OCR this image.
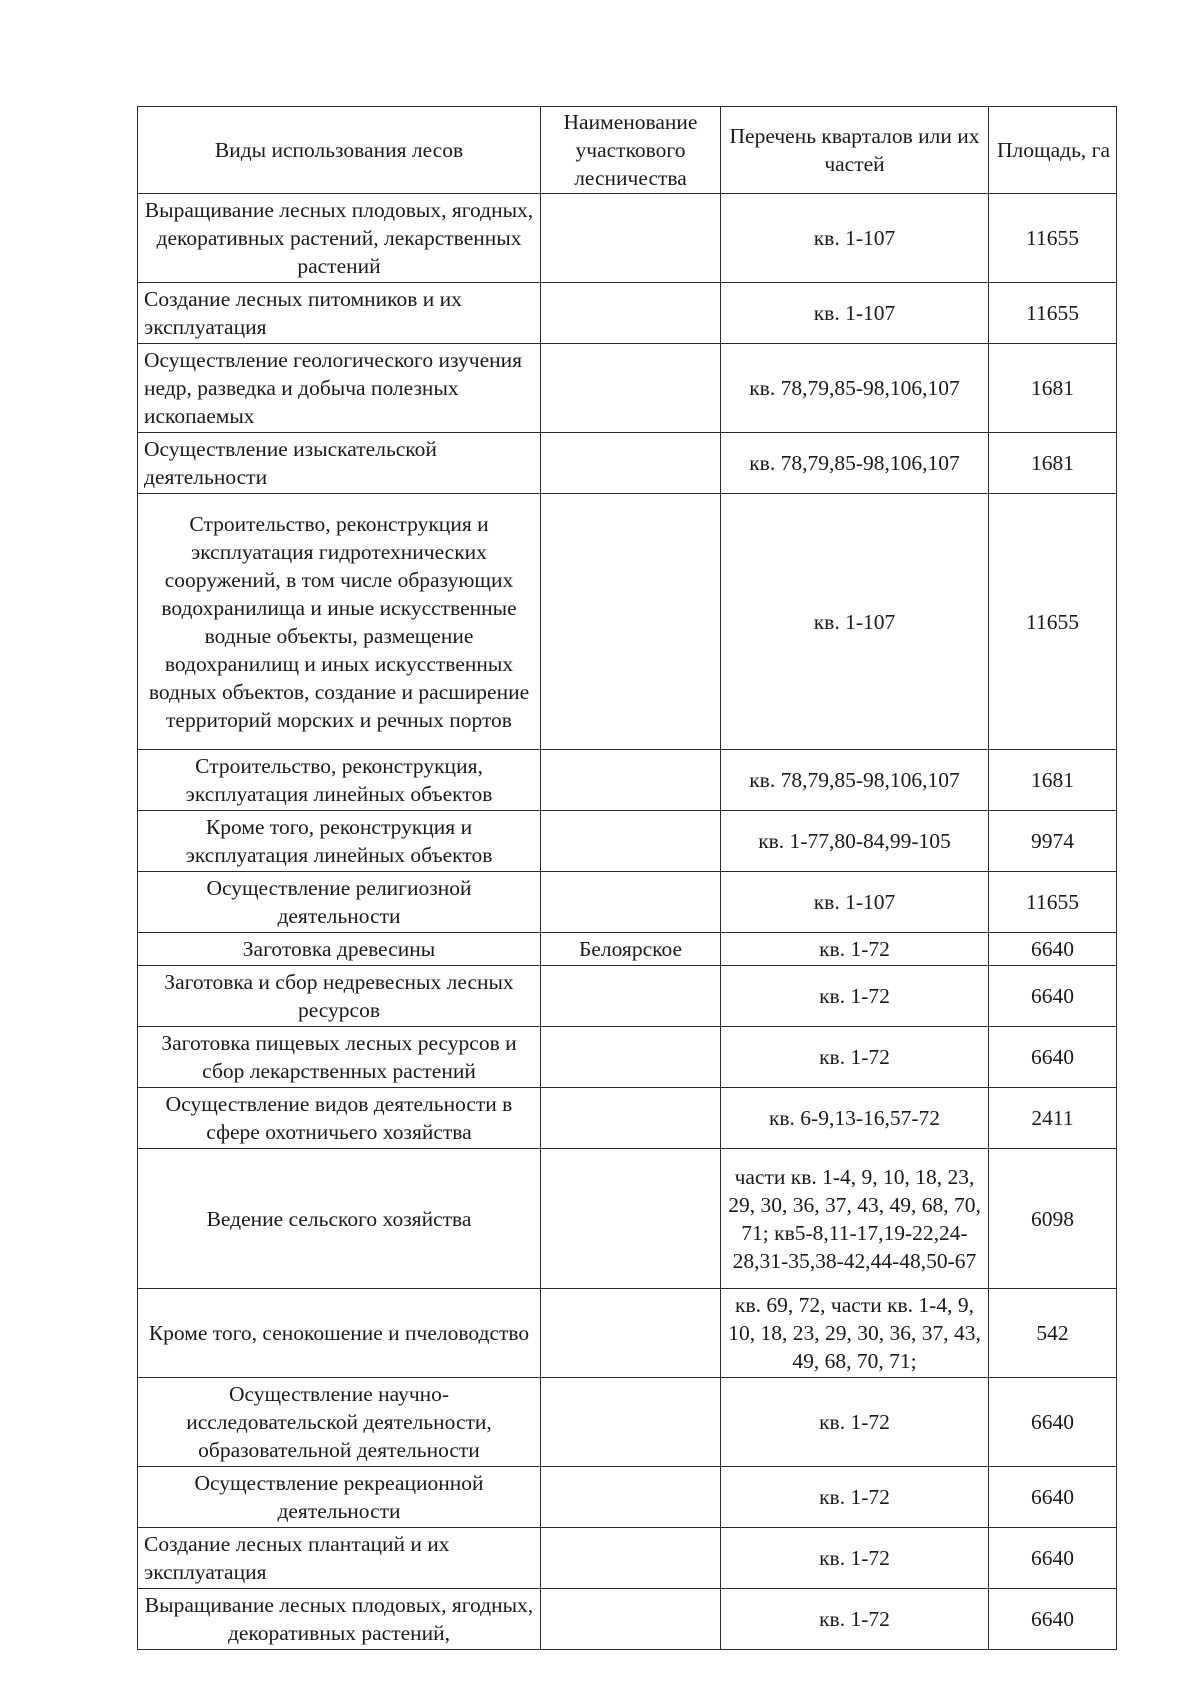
Виды использования лесов	Наименование участкового лесничества	Перечень кварталов или их частей	Площадь, га
Выращивание лесных плодовых, ягодных, декоративных растений, лекарственных растений		кв. 1-107	11655
Создание лесных питомников и их эксплуатация		кв. 1-107	11655
Осуществление геологического изучения недр, разведка и добыча полезных ископаемых		кв. 78,79,85-98,106,107	1681
Осуществление изыскательской деятельности		кв. 78,79,85-98,106,107	1681
Строительство, реконструкция и эксплуатация гидротехнических сооружений, в том числе образующих водохранилища и иные искусственные водные объекты, размещение водохранилищ и иных искусственных водных объектов, создание и расширение территорий морских и речных портов		кв. 1-107	11655
Строительство, реконструкция, эксплуатация линейных объектов		кв. 78,79,85-98,106,107	1681
Кроме того, реконструкция и эксплуатация линейных объектов		кв. 1-77,80-84,99-105	9974
Осуществление религиозной деятельности		кв. 1-107	11655
Заготовка древесины	Белоярское	кв. 1-72	6640
Заготовка и сбор недревесных лесных ресурсов		кв. 1-72	6640
Заготовка пищевых лесных ресурсов и сбор лекарственных растений		кв. 1-72	6640
Осуществление видов деятельности в сфере охотничьего хозяйства		кв. 6-9,13-16,57-72	2411
Ведение сельского хозяйства		части кв. 1-4, 9, 10, 18, 23, 29, 30, 36, 37, 43, 49, 68, 70, 71; кв5-8,11-17,19-22,24-28,31-35,38-42,44-48,50-67	6098
Кроме того, сенокошение и пчеловодство		кв. 69, 72, части кв. 1-4, 9, 10, 18, 23, 29, 30, 36, 37, 43, 49, 68, 70, 71;	542
Осуществление научно-исследовательской деятельности, образовательной деятельности		кв. 1-72	6640
Осуществление рекреационной деятельности		кв. 1-72	6640
Создание лесных плантаций и их эксплуатация		кв. 1-72	6640
Выращивание лесных плодовых, ягодных, декоративных растений,		кв. 1-72	6640
